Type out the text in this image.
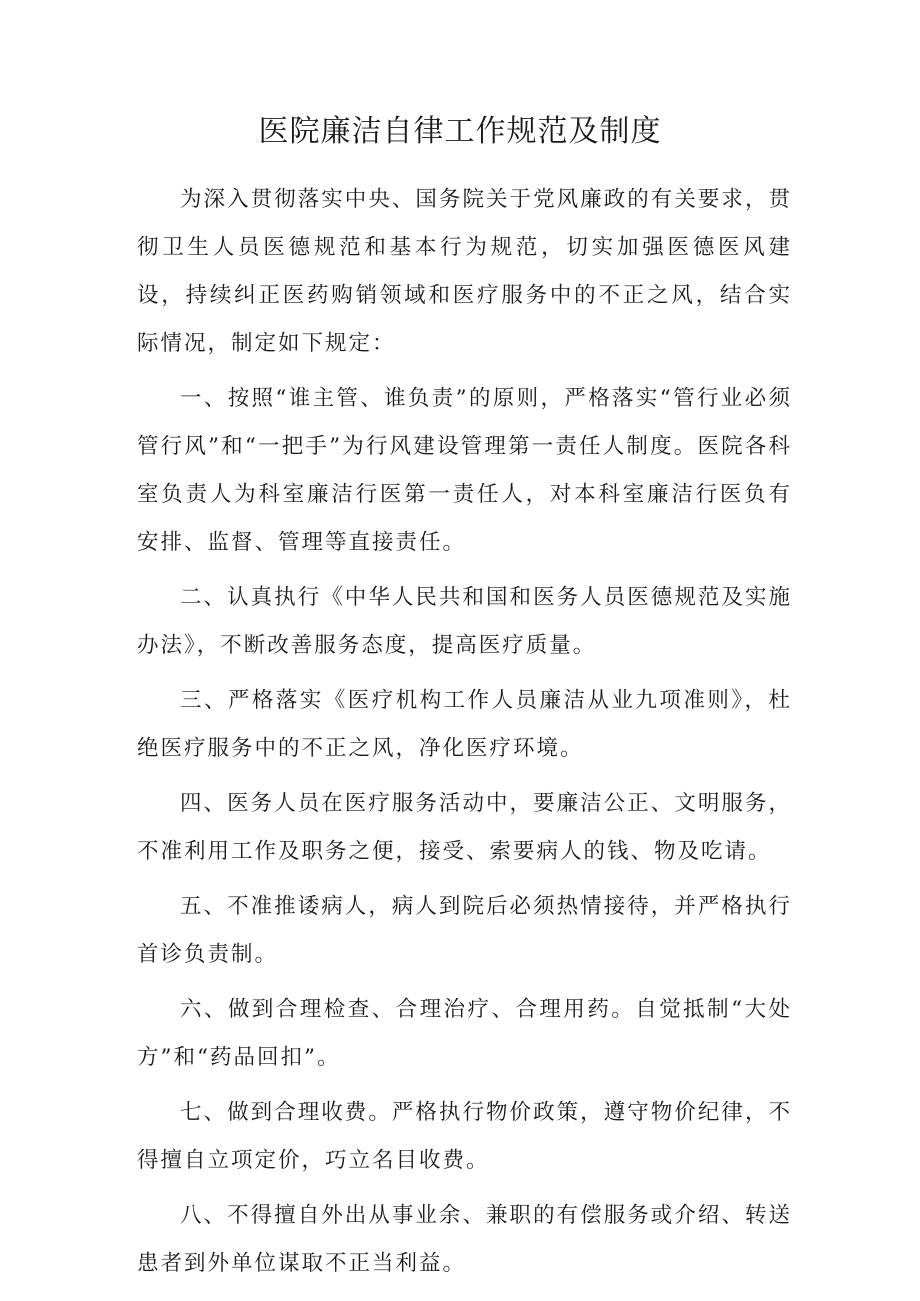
医院廉洁自律工作规范及制度

为深入贯彻落实中央、国务院关于党风廉政的有关要求，贯彻卫生人员医德规范和基本行为规范，切实加强医德医风建设，持续纠正医药购销领域和医疗服务中的不正之风，结合实际情况，制定如下规定：

一、按照“谁主管、谁负责”的原则，严格落实“管行业必须管行风”和“一把手”为行风建设管理第一责任人制度。医院各科室负责人为科室廉洁行医第一责任人，对本科室廉洁行医负有安排、监督、管理等直接责任。

二、认真执行《中华人民共和国和医务人员医德规范及实施办法》，不断改善服务态度，提高医疗质量。

三、严格落实《医疗机构工作人员廉洁从业九项准则》，杜绝医疗服务中的不正之风，净化医疗环境。

四、医务人员在医疗服务活动中，要廉洁公正、文明服务，不准利用工作及职务之便，接受、索要病人的钱、物及吃请。

五、不准推诿病人，病人到院后必须热情接待，并严格执行首诊负责制。

六、做到合理检查、合理治疗、合理用药。自觉抵制“大处方”和“药品回扣”。

七、做到合理收费。严格执行物价政策，遵守物价纪律，不得擅自立项定价，巧立名目收费。

八、不得擅自外出从事业余、兼职的有偿服务或介绍、转送患者到外单位谋取不正当利益。
